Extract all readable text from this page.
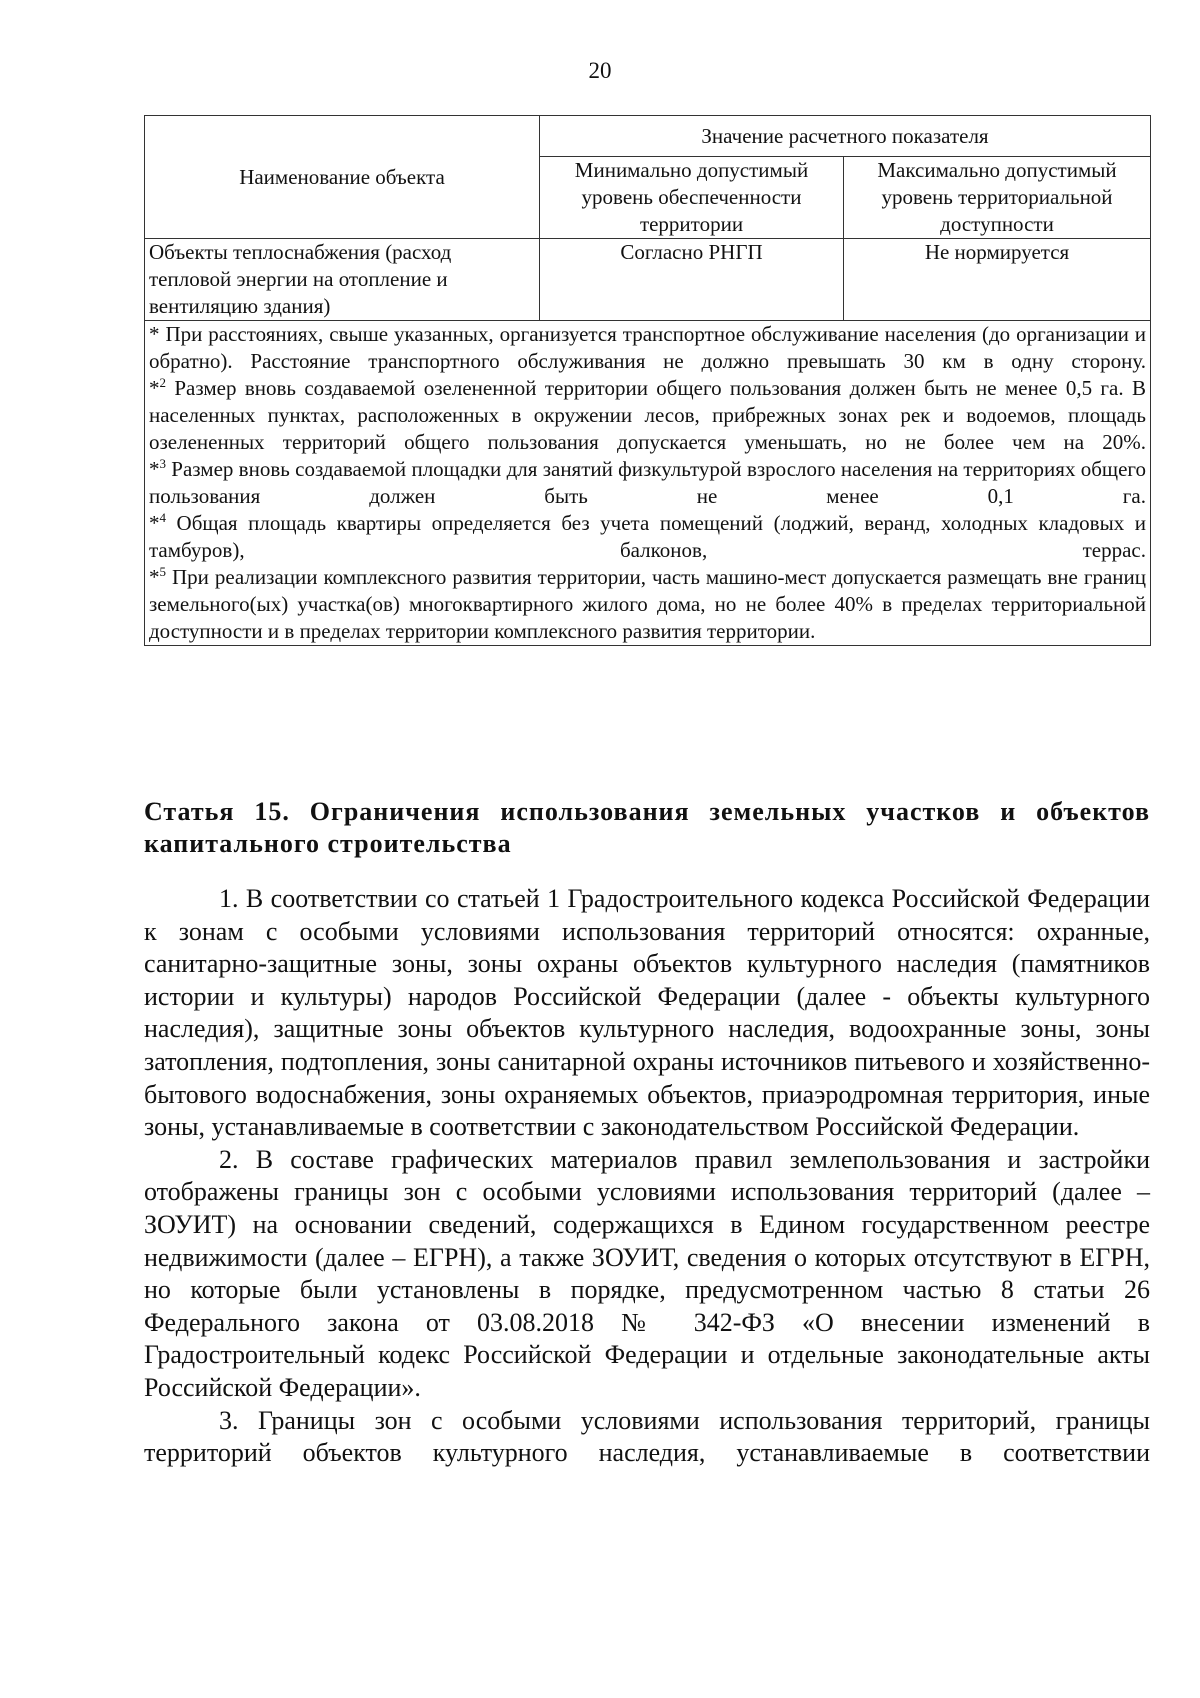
20
Наименование объекта	Значение расчетного показателя	
	Минимально допустимый уровень обеспеченности территории	Максимально допустимый уровень территориальной доступности
Объекты теплоснабжения (расход тепловой энергии на отопление и вентиляцию здания)	Согласно РНГП	Не нормируется

* При расстояниях, свыше указанных, организуется транспортное обслуживание населения (до организации и обратно). Расстояние транспортного обслуживания не должно превышать 30 км в одну сторону.

*$^2$ Размер вновь создаваемой озелененной территории общего пользования должен быть не менее 0,5 га. В населенных пунктах, расположенных в окружении лесов, прибрежных зонах рек и водоемов, площадь озелененных территорий общего пользования допускается уменьшать, но не более чем на 20%.

*$^3$ Размер вновь создаваемой площадки для занятий физкультурой взрослого населения на территориях общего пользования должен быть не менее 0,1 га.

*$^4$ Общая площадь квартиры определяется без учета помещений (лоджий, веранд, холодных кладовых и тамбуров), балконов, террас.

*$^5$ При реализации комплексного развития территории, часть машино-мест допускается размещать вне границ земельного(ых) участка(ов) многоквартирного жилого дома, но не более 40% в пределах территориальной доступности и в пределах территории комплексного развития территории.		

Статья 15. Ограничения использования земельных участков и объектов капитального строительства

1. В соответствии со статьей 1 Градостроительного кодекса Российской Федерации к зонам с особыми условиями использования территорий относятся: охранные, санитарно-защитные зоны, зоны охраны объектов культурного наследия (памятников истории и культуры) народов Российской Федерации (далее - объекты культурного наследия), защитные зоны объектов культурного наследия, водоохранные зоны, зоны затопления, подтопления, зоны санитарной охраны источников питьевого и хозяйственно-бытового водоснабжения, зоны охраняемых объектов, приаэродромная территория, иные зоны, устанавливаемые в соответствии с законодательством Российской Федерации.

2. В составе графических материалов правил землепользования и застройки отображены границы зон с особыми условиями использования территорий (далее – ЗОУИТ) на основании сведений, содержащихся в Едином государственном реестре недвижимости (далее – ЕГРН), а также ЗОУИТ, сведения о которых отсутствуют в ЕГРН, но которые были установлены в порядке, предусмотренном частью 8 статьи 26 Федерального закона от 03.08.2018 № 342-ФЗ «О внесении изменений в Градостроительный кодекс Российской Федерации и отдельные законодательные акты Российской Федерации».

3. Границы зон с особыми условиями использования территорий, границы территорий объектов культурного наследия, устанавливаемые в соответствии
